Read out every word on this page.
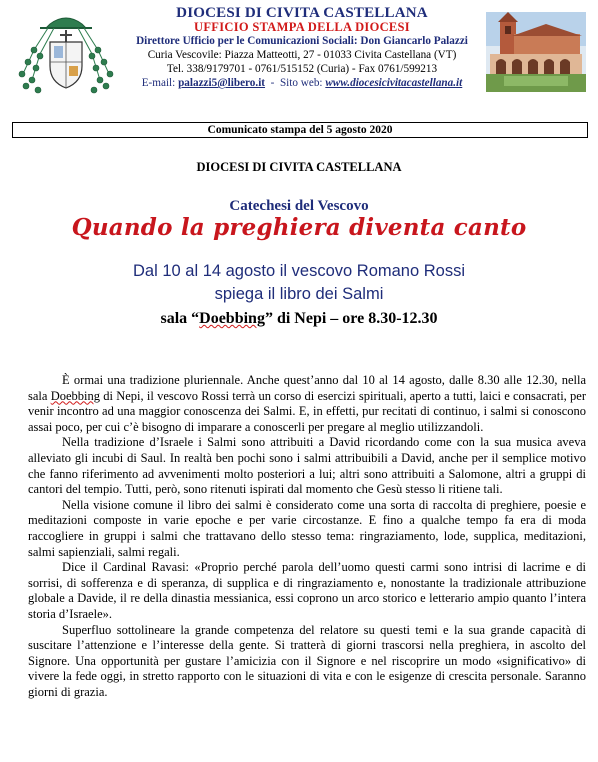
DIOCESI DI CIVITA CASTELLANA
UFFICIO STAMPA DELLA DIOCESI
Direttore Ufficio per le Comunicazioni Sociali: Don Giancarlo Palazzi
Curia Vescovile: Piazza Matteotti, 27 - 01033 Civita Castellana (VT)
Tel. 338/9179701 - 0761/515152 (Curia) - Fax 0761/599213
E-mail: palazzi5@libero.it  -  Sito web: www.diocesicivitacastellana.it
Comunicato stampa del 5 agosto 2020
DIOCESI DI CIVITA CASTELLANA
Catechesi del Vescovo
Quando la preghiera diventa canto
Dal 10 al 14 agosto il vescovo Romano Rossi
spiega il libro dei Salmi
sala “Doebbing” di Nepi – ore 8.30-12.30

È ormai una tradizione pluriennale. Anche quest’anno dal 10 al 14 agosto, dalle 8.30 alle 12.30, nella sala Doebbing di Nepi, il vescovo Rossi terrà un corso di esercizi spirituali, aperto a tutti, laici e consacrati, per venir incontro ad una maggior conoscenza dei Salmi. E, in effetti, pur recitati di continuo, i salmi si conoscono assai poco, per cui c’è bisogno di imparare a conoscerli per pregare al meglio utilizzandoli.

Nella tradizione d’Israele i Salmi sono attribuiti a David ricordando come con la sua musica aveva alleviato gli incubi di Saul. In realtà ben pochi sono i salmi attribuibili a David, anche per il semplice motivo che fanno riferimento ad avvenimenti molto posteriori a lui; altri sono attribuiti a Salomone, altri a gruppi di cantori del tempio. Tutti, però, sono ritenuti ispirati dal momento che Gesù stesso li ritiene tali.

Nella visione comune il libro dei salmi è considerato come una sorta di raccolta di preghiere, poesie e meditazioni composte in varie epoche e per varie circostanze. E fino a qualche tempo fa era di moda raccogliere in gruppi i salmi che trattavano dello stesso tema: ringraziamento, lode, supplica, meditazioni, salmi sapienziali, salmi regali.

Dice il Cardinal Ravasi: «Proprio perché parola dell’uomo questi carmi sono intrisi di lacrime e di sorrisi, di sofferenza e di speranza, di supplica e di ringraziamento e, nonostante la tradizionale attribuzione globale a Davide, il re della dinastia messianica, essi coprono un arco storico e letterario ampio quanto l’intera storia d’Israele».

Superfluo sottolineare la grande competenza del relatore su questi temi e la sua grande capacità di suscitare l’attenzione e l’interesse della gente. Si tratterà di giorni trascorsi nella preghiera, in ascolto del Signore. Una opportunità per gustare l’amicizia con il Signore e nel riscoprire un modo «significativo» di vivere la fede oggi, in stretto rapporto con le situazioni di vita e con le esigenze di crescita personale. Saranno giorni di grazia.
